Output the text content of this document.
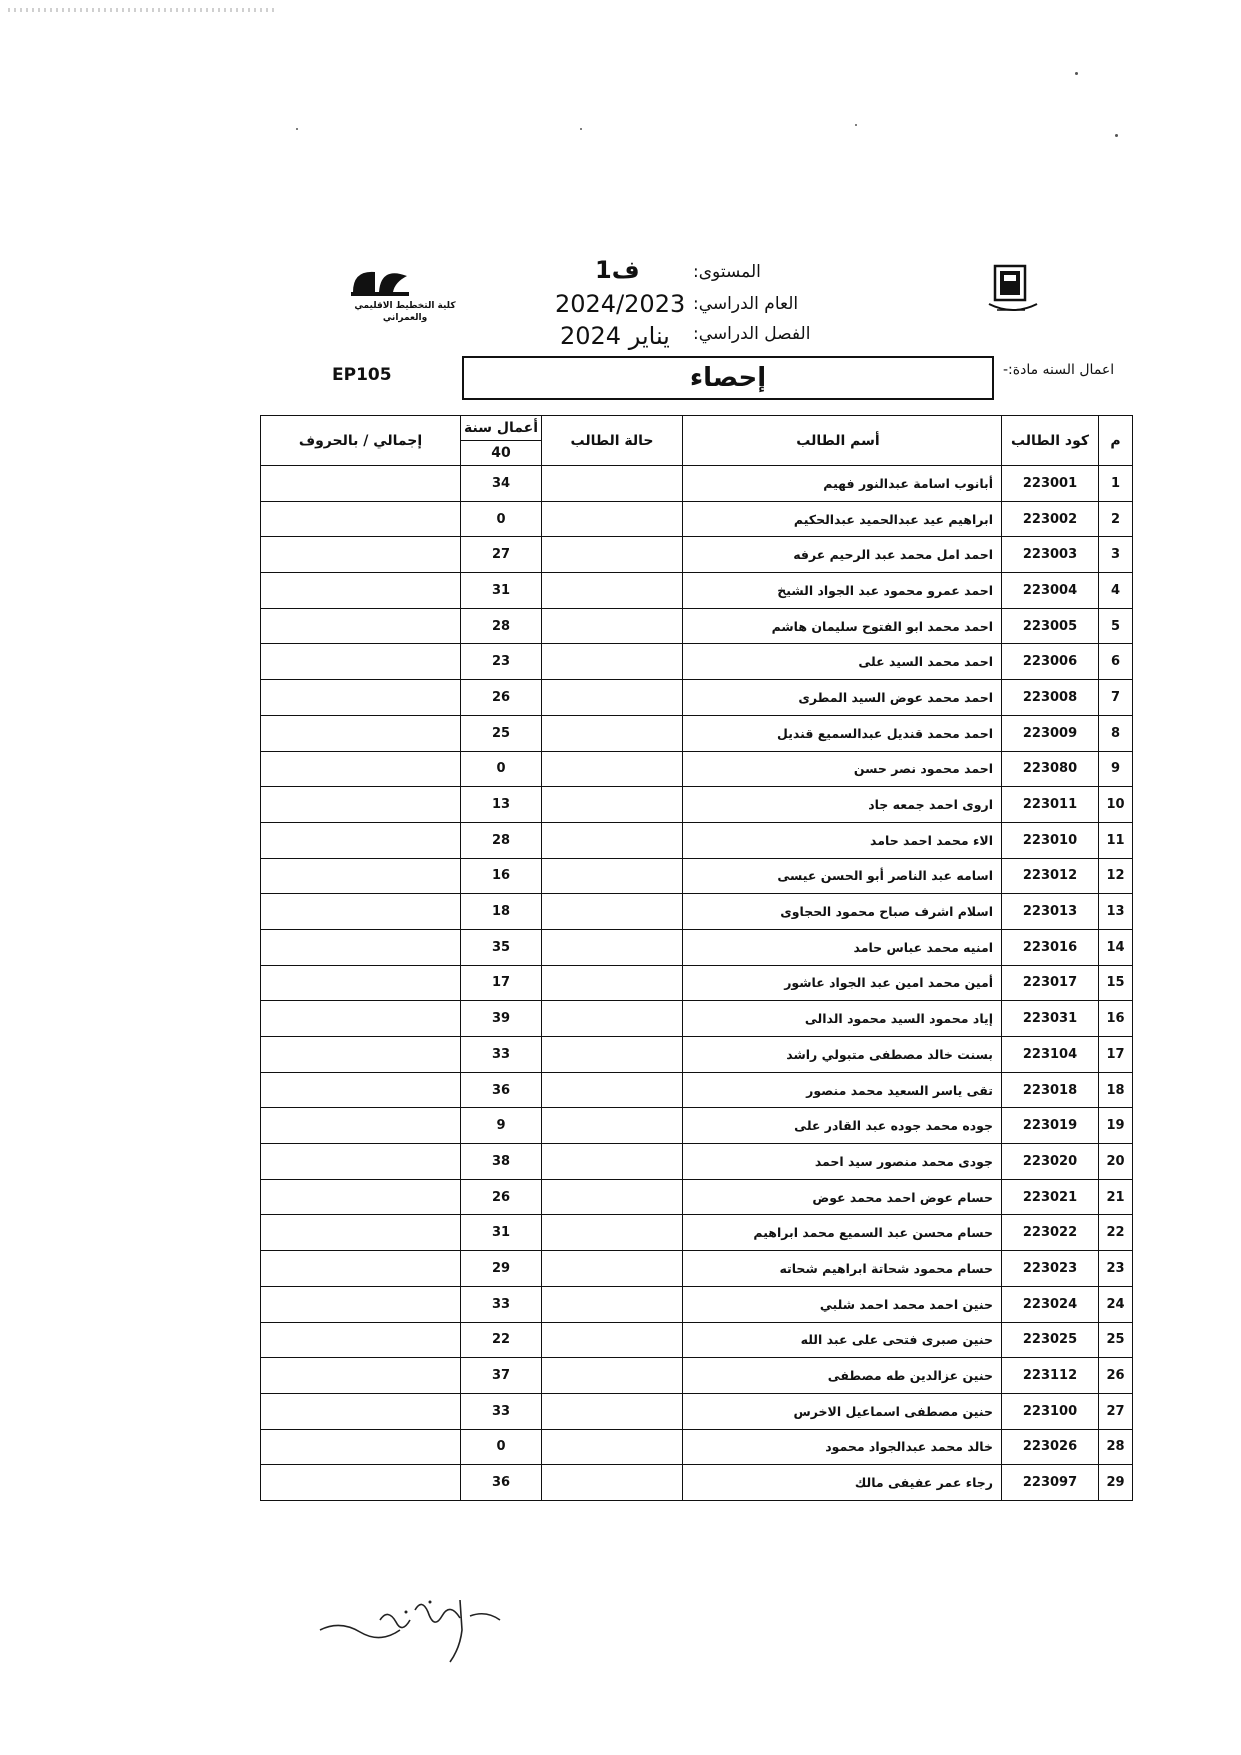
كلية التخطيط الاقليمي
والعمراني
المستوى:
ف1
العام الدراسي:
2024/2023
الفصل الدراسي:
يناير 2024
اعمال السنه مادة:-
إحصاء
EP105
م	كود الطالب	أسم الطالب	حالة الطالب	أعمال سنة	إجمالي / بالحروف
				40	
1	223001	أبانوب اسامة عبدالنور فهيم		34	
2	223002	ابراهيم عيد عبدالحميد عبدالحكيم		0	
3	223003	احمد امل محمد عبد الرحيم عرفه		27	
4	223004	احمد عمرو محمود عبد الجواد الشيخ		31	
5	223005	احمد محمد ابو الفتوح سليمان هاشم		28	
6	223006	احمد محمد السيد على		23	
7	223008	احمد محمد عوض السيد المطرى		26	
8	223009	احمد محمد قنديل عبدالسميع قنديل		25	
9	223080	احمد محمود نصر حسن		0	
10	223011	اروى احمد جمعه جاد		13	
11	223010	الاء محمد احمد حامد		28	
12	223012	اسامه عبد الناصر أبو الحسن عيسى		16	
13	223013	اسلام اشرف صباح محمود الحجاوى		18	
14	223016	امنيه محمد عباس حامد		35	
15	223017	أمين محمد امين عبد الجواد عاشور		17	
16	223031	إياد محمود السيد محمود الدالى		39	
17	223104	بسنت خالد مصطفى متبولي راشد		33	
18	223018	تقى ياسر السعيد محمد منصور		36	
19	223019	جوده محمد جوده عبد القادر على		9	
20	223020	جودى محمد منصور سيد احمد		38	
21	223021	حسام عوض احمد محمد عوض		26	
22	223022	حسام محسن عبد السميع محمد ابراهيم		31	
23	223023	حسام محمود شحاتة ابراهيم شحاته		29	
24	223024	حنين احمد محمد احمد شلبي		33	
25	223025	حنين صبرى فتحى على عبد الله		22	
26	223112	حنين عزالدين طه مصطفى		37	
27	223100	حنين مصطفى اسماعيل الاخرس		33	
28	223026	خالد محمد عبدالجواد محمود		0	
29	223097	رجاء عمر عفيفى مالك		36	
